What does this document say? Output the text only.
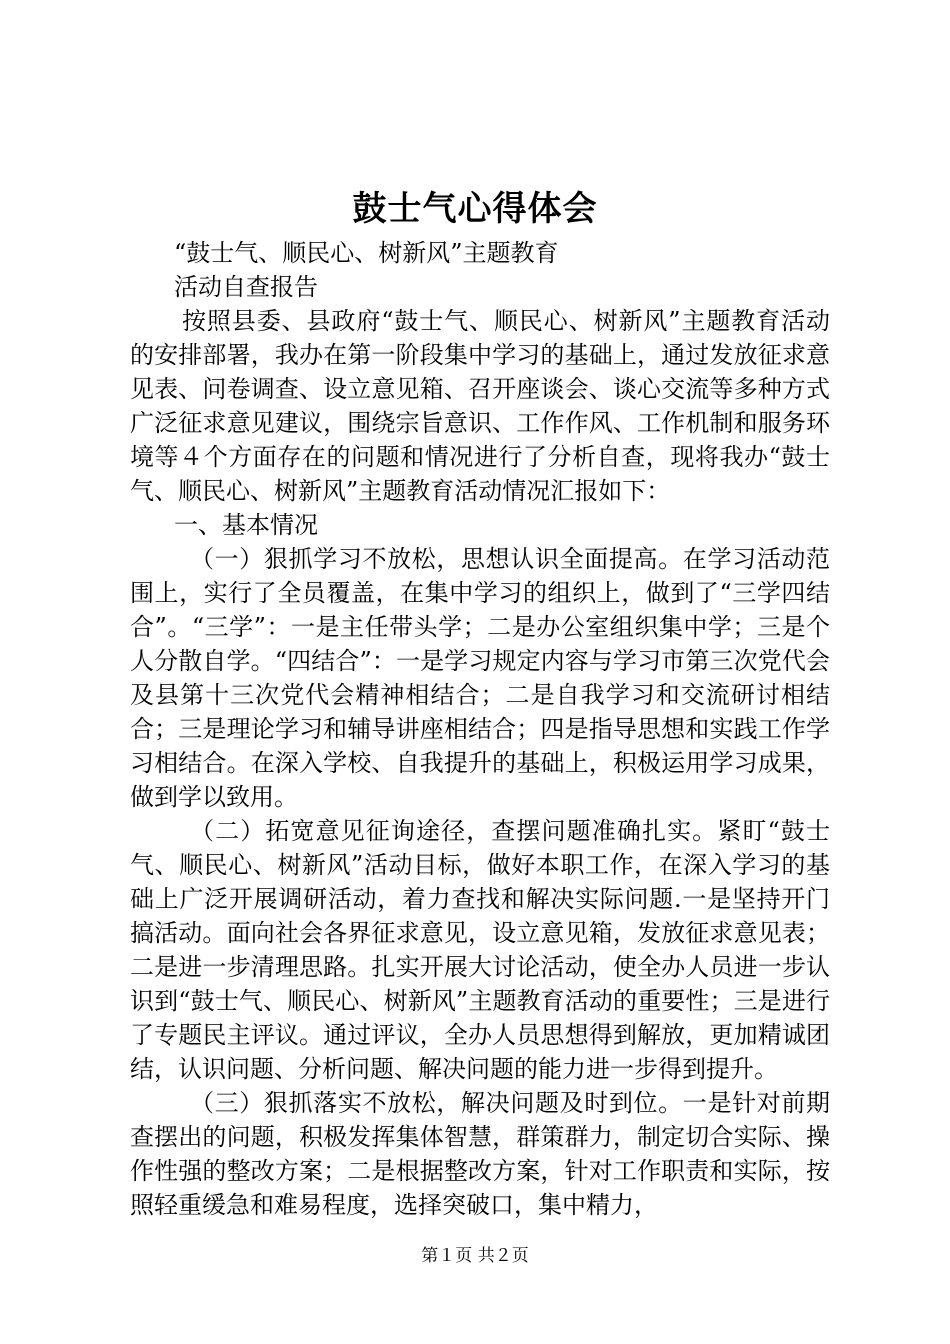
鼓士气心得体会

“鼓士气、顺民心、树新风”主题教育

活动自查报告

按照县委、县政府“鼓士气、顺民心、树新风”主题教育活动的安排部署，我办在第一阶段集中学习的基础上，通过发放征求意见表、问卷调查、设立意见箱、召开座谈会、谈心交流等多种方式广泛征求意见建议，围绕宗旨意识、工作作风、工作机制和服务环境等４个方面存在的问题和情况进行了分析自查，现将我办“鼓士气、顺民心、树新风”主题教育活动情况汇报如下：

一、基本情况

（一）狠抓学习不放松，思想认识全面提高。在学习活动范围上，实行了全员覆盖，在集中学习的组织上，做到了“三学四结合”。“三学”：一是主任带头学；二是办公室组织集中学；三是个人分散自学。“四结合”：一是学习规定内容与学习市第三次党代会及县第十三次党代会精神相结合；二是自我学习和交流研讨相结合；三是理论学习和辅导讲座相结合；四是指导思想和实践工作学习相结合。在深入学校、自我提升的基础上，积极运用学习成果，做到学以致用。

（二）拓宽意见征询途径，查摆问题准确扎实。紧盯“鼓士气、顺民心、树新风”活动目标，做好本职工作，在深入学习的基础上广泛开展调研活动，着力查找和解决实际问题.一是坚持开门搞活动。面向社会各界征求意见，设立意见箱，发放征求意见表；二是进一步清理思路。扎实开展大讨论活动，使全办人员进一步认识到“鼓士气、顺民心、树新风”主题教育活动的重要性；三是进行了专题民主评议。通过评议，全办人员思想得到解放，更加精诚团结，认识问题、分析问题、解决问题的能力进一步得到提升。

（三）狠抓落实不放松，解决问题及时到位。一是针对前期查摆出的问题，积极发挥集体智慧，群策群力，制定切合实际、操作性强的整改方案；二是根据整改方案，针对工作职责和实际，按照轻重缓急和难易程度，选择突破口，集中精力，

第１页 共２页
